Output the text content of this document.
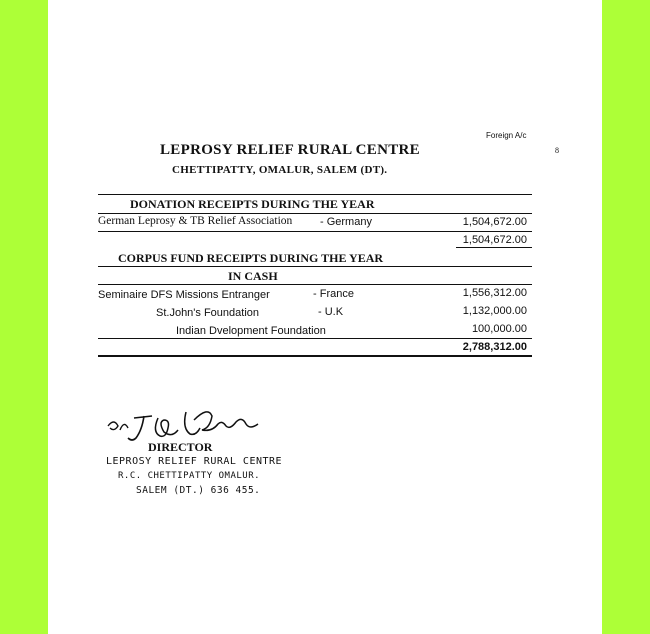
Foreign A/c
8
LEPROSY RELIEF RURAL CENTRE
CHETTIPATTY, OMALUR, SALEM (DT).
DONATION RECEIPTS DURING THE YEAR
German Leprosy & TB Relief Association	- Germany	1,504,672.00
1,504,672.00
CORPUS FUND RECEIPTS DURING THE YEAR
IN CASH
Seminaire DFS Missions Entranger	- France	1,556,312.00
St.John's Foundation	- U.K	1,132,000.00
Indian Dvelopment Foundation	100,000.00
2,788,312.00
DIRECTOR
LEPROSY RELIEF RURAL CENTRE
R.C. CHETTIPATTY OMALUR.
SALEM (DT.) 636 455.
